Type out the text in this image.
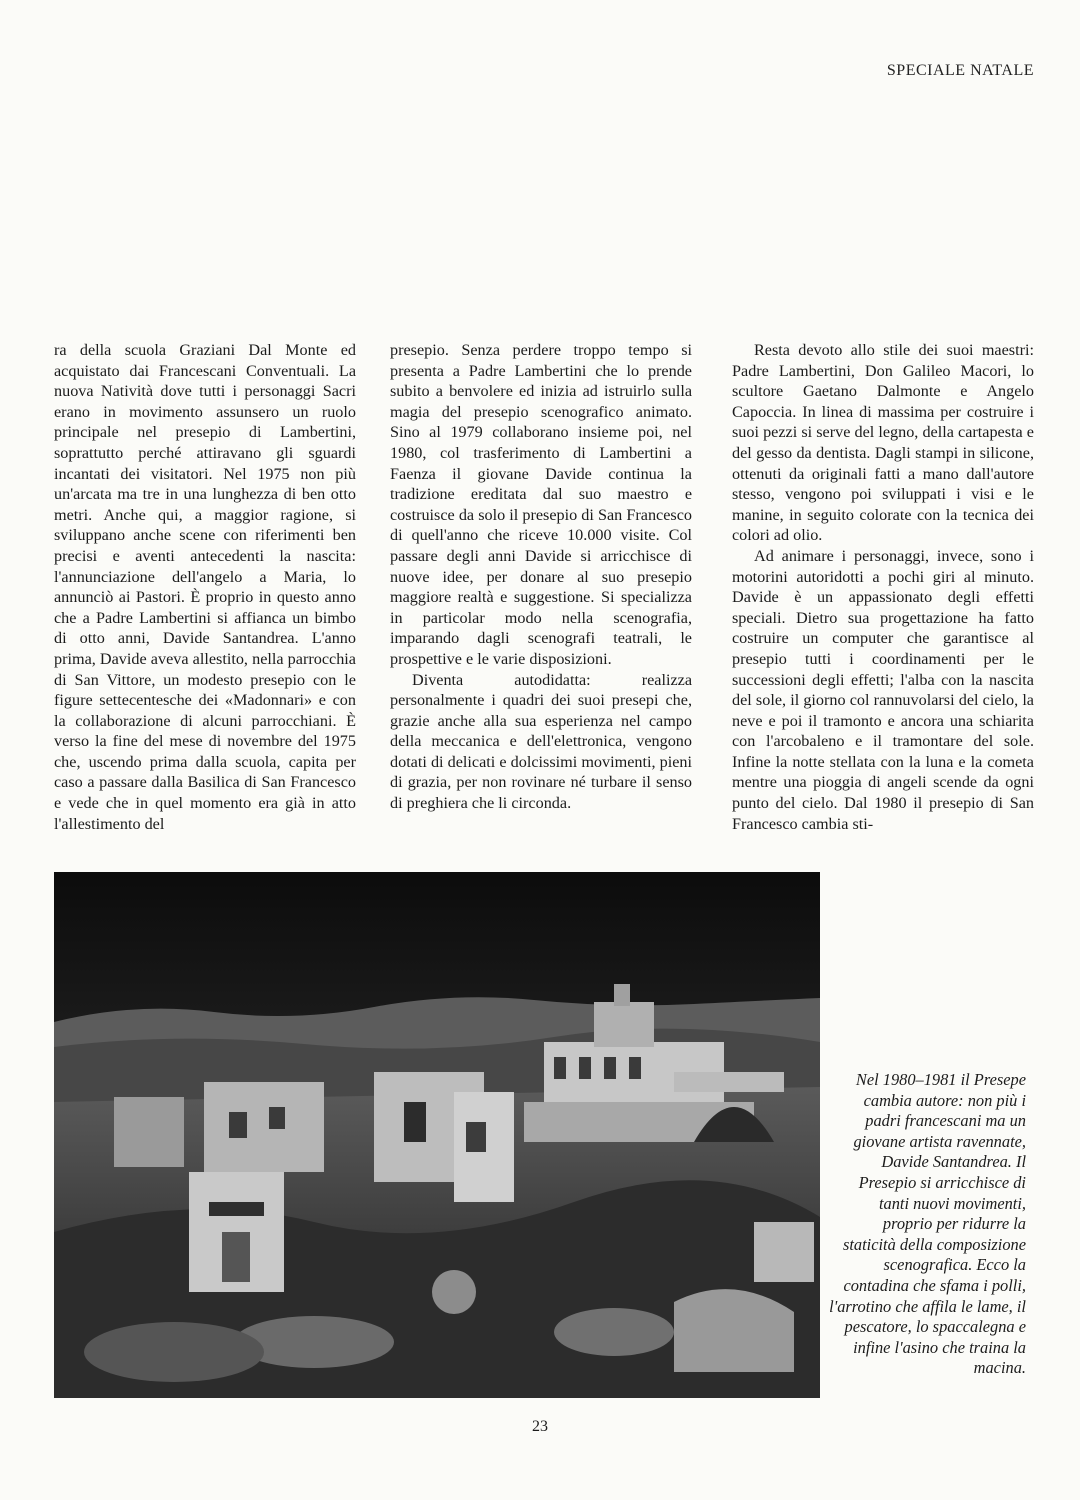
SPECIALE NATALE

ra della scuola Graziani Dal Monte ed acquistato dai Francescani Conventuali. La nuova Natività dove tutti i personaggi Sacri erano in movimento assunsero un ruolo principale nel presepio di Lambertini, soprattutto perché attiravano gli sguardi incantati dei visitatori. Nel 1975 non più un'arcata ma tre in una lunghezza di ben otto metri. Anche qui, a maggior ragione, si sviluppano anche scene con riferimenti ben precisi e aventi antecedenti la nascita: l'annunciazione dell'angelo a Maria, lo annunciò ai Pastori. È proprio in questo anno che a Padre Lambertini si affianca un bimbo di otto anni, Davide Santandrea. L'anno prima, Davide aveva allestito, nella parrocchia di San Vittore, un modesto presepio con le figure settecentesche dei «Madonnari» e con la collaborazione di alcuni parrocchiani. È verso la fine del mese di novembre del 1975 che, uscendo prima dalla scuola, capita per caso a passare dalla Basilica di San Francesco e vede che in quel momento era già in atto l'allestimento del

presepio. Senza perdere troppo tempo si presenta a Padre Lambertini che lo prende subito a benvolere ed inizia ad istruirlo sulla magia del presepio scenografico animato. Sino al 1979 collaborano insieme poi, nel 1980, col trasferimento di Lambertini a Faenza il giovane Davide continua la tradizione ereditata dal suo maestro e costruisce da solo il presepio di San Francesco di quell'anno che riceve 10.000 visite. Col passare degli anni Davide si arricchisce di nuove idee, per donare al suo presepio maggiore realtà e suggestione. Si specializza in particolar modo nella scenografia, imparando dagli scenografi teatrali, le prospettive e le varie disposizioni.

Diventa autodidatta: realizza personalmente i quadri dei suoi presepi che, grazie anche alla sua esperienza nel campo della meccanica e dell'elettronica, vengono dotati di delicati e dolcissimi movimenti, pieni di grazia, per non rovinare né turbare il senso di preghiera che li circonda.

Resta devoto allo stile dei suoi maestri: Padre Lambertini, Don Galileo Macori, lo scultore Gaetano Dalmonte e Angelo Capoccia. In linea di massima per costruire i suoi pezzi si serve del legno, della cartapesta e del gesso da dentista. Dagli stampi in silicone, ottenuti da originali fatti a mano dall'autore stesso, vengono poi sviluppati i visi e le manine, in seguito colorate con la tecnica dei colori ad olio.

Ad animare i personaggi, invece, sono i motorini autoridotti a pochi giri al minuto. Davide è un appassionato degli effetti speciali. Dietro sua progettazione ha fatto costruire un computer che garantisce al presepio tutti i coordinamenti per le successioni degli effetti; l'alba con la nascita del sole, il giorno col rannuvolarsi del cielo, la neve e poi il tramonto e ancora una schiarita con l'arcobaleno e il tramontare del sole. Infine la notte stellata con la luna e la cometa mentre una pioggia di angeli scende da ogni punto del cielo. Dal 1980 il presepio di San Francesco cambia sti-

Nel 1980–1981 il Presepe cambia autore: non più i padri francescani ma un giovane artista ravennate, Davide Santandrea. Il Presepio si arricchisce di tanti nuovi movimenti, proprio per ridurre la staticità della composizione scenografica. Ecco la contadina che sfama i polli, l'arrotino che affila le lame, il pescatore, lo spaccalegna e infine l'asino che traina la macina.
23
